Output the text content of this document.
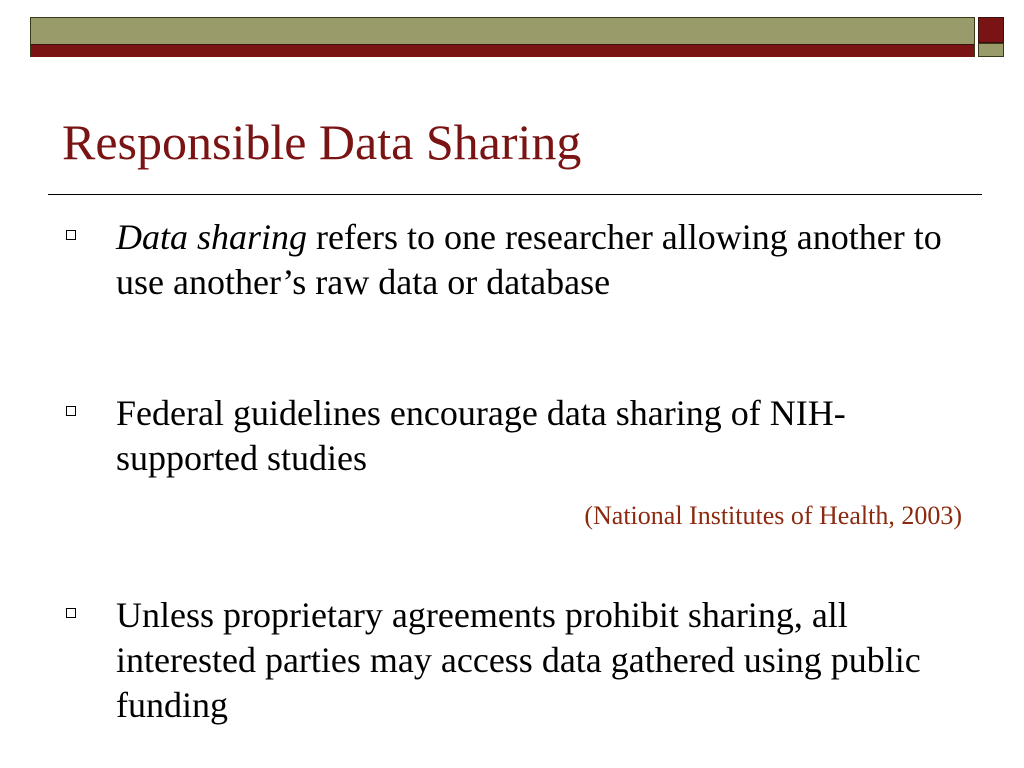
Responsible Data Sharing
Data sharing refers to one researcher allowing another to use another’s raw data or database
Federal guidelines encourage data sharing of NIH-supported studies
(National Institutes of Health, 2003)
Unless proprietary agreements prohibit sharing, all interested parties may access data gathered using public funding
